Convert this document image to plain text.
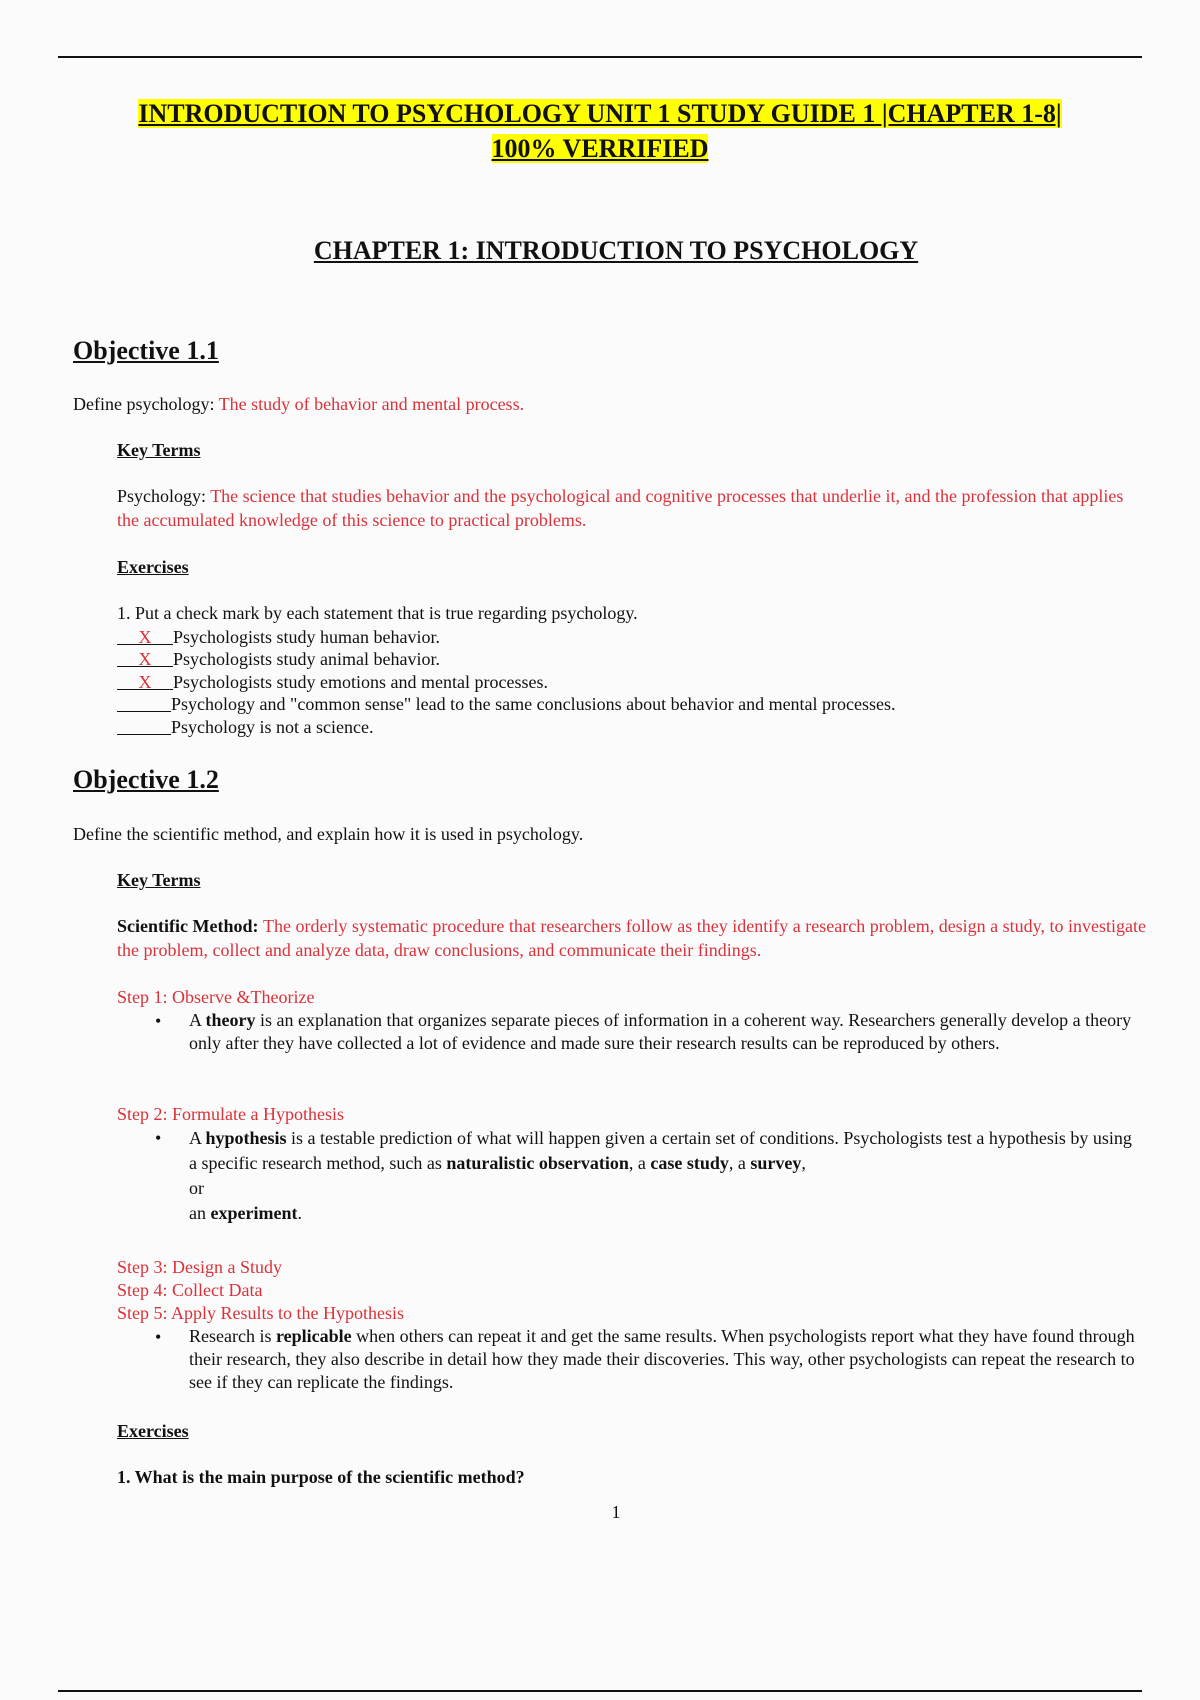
INTRODUCTION TO PSYCHOLOGY UNIT 1 STUDY GUIDE 1 |CHAPTER 1-8|
100% VERRIFIED
CHAPTER 1: INTRODUCTION TO PSYCHOLOGY
Objective 1.1
Define psychology: The study of behavior and mental process.
Key Terms
Psychology: The science that studies behavior and the psychological and cognitive processes that underlie it, and the profession that applies the accumulated knowledge of this science to practical problems.
Exercises
1. Put a check mark by each statement that is true regarding psychology.
X Psychologists study human behavior.
X Psychologists study animal behavior.
X Psychologists study emotions and mental processes.
Psychology and "common sense" lead to the same conclusions about behavior and mental processes.
Psychology is not a science.
Objective 1.2
Define the scientific method, and explain how it is used in psychology.
Key Terms
Scientific Method: The orderly systematic procedure that researchers follow as they identify a research problem, design a study, to investigate the problem, collect and analyze data, draw conclusions, and communicate their findings.
Step 1: Observe &Theorize
• A theory is an explanation that organizes separate pieces of information in a coherent way. Researchers generally develop a theory only after they have collected a lot of evidence and made sure their research results can be reproduced by others.
Step 2: Formulate a Hypothesis
• A hypothesis is a testable prediction of what will happen given a certain set of conditions. Psychologists test a hypothesis by using a specific research method, such as naturalistic observation, a case study, a survey,
or
an experiment.
Step 3: Design a Study
Step 4: Collect Data
Step 5: Apply Results to the Hypothesis
• Research is replicable when others can repeat it and get the same results. When psychologists report what they have found through their research, they also describe in detail how they made their discoveries. This way, other psychologists can repeat the research to see if they can replicate the findings.
Exercises
1. What is the main purpose of the scientific method?
1
